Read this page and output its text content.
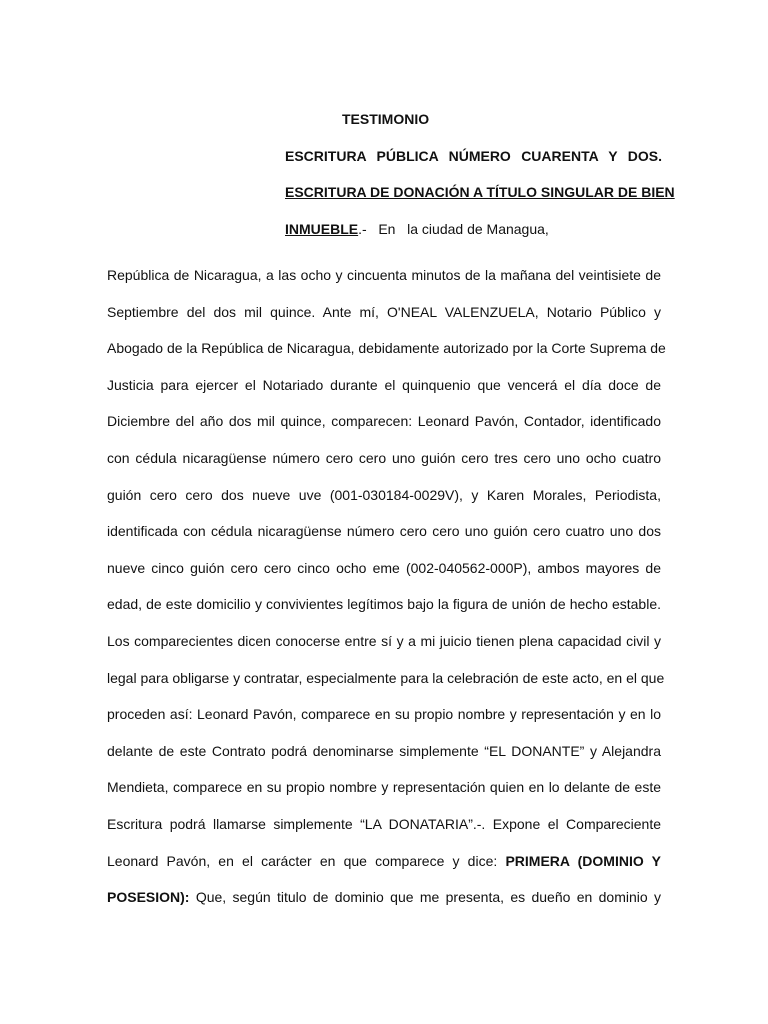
TESTIMONIO

ESCRITURA PÚBLICA NÚMERO CUARENTA Y DOS.

ESCRITURA DE DONACIÓN A TÍTULO SINGULAR DE BIEN

INMUEBLE.-   En   la ciudad de Managua,

República de Nicaragua, a las ocho y cincuenta minutos de la mañana del veintisiete de
Septiembre del dos mil quince. Ante mí, O'NEAL VALENZUELA, Notario Público y
Abogado de la República de Nicaragua, debidamente autorizado por la Corte Suprema de
Justicia para ejercer el Notariado durante el quinquenio que vencerá el día doce de
Diciembre del año dos mil quince, comparecen: Leonard Pavón, Contador, identificado
con cédula nicaragüense número cero cero uno guión cero tres cero uno ocho cuatro
guión cero cero dos nueve uve (001-030184-0029V), y Karen Morales, Periodista,
identificada con cédula nicaragüense número cero cero uno guión cero cuatro uno dos
nueve cinco guión cero cero cinco ocho eme (002-040562-000P), ambos mayores de
edad, de este domicilio y convivientes legítimos bajo la figura de unión de hecho estable.
Los comparecientes dicen conocerse entre sí y a mi juicio tienen plena capacidad civil y
legal para obligarse y contratar, especialmente para la celebración de este acto, en el que
proceden así: Leonard Pavón, comparece en su propio nombre y representación y en lo
delante de este Contrato podrá denominarse simplemente “EL DONANTE” y Alejandra
Mendieta, comparece en su propio nombre y representación quien en lo delante de este
Escritura podrá llamarse simplemente “LA DONATARIA”.-. Expone el Compareciente
Leonard Pavón, en el carácter en que comparece y dice: PRIMERA (DOMINIO Y
POSESION): Que, según titulo de dominio que me presenta, es dueño en dominio y
